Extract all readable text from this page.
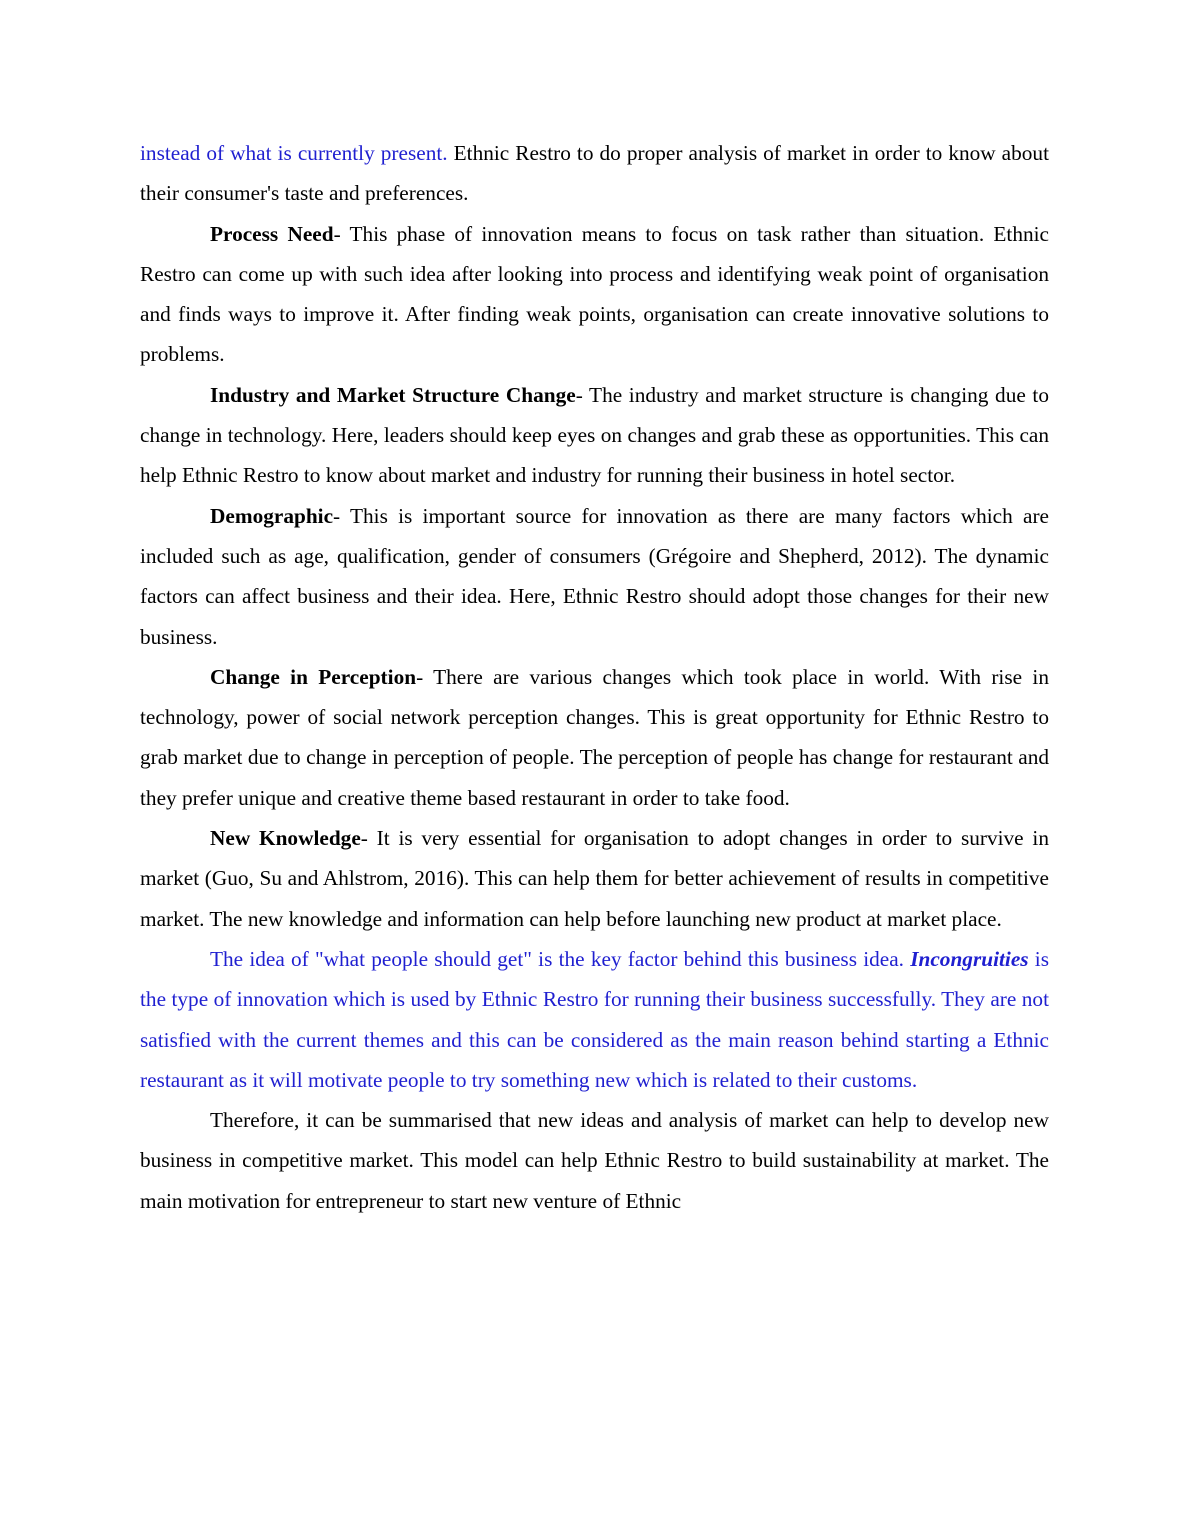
instead of what is currently present. Ethnic Restro to do proper analysis of market in order to know about their consumer's taste and preferences.

Process Need- This phase of innovation means to focus on task rather than situation. Ethnic Restro can come up with such idea after looking into process and identifying weak point of organisation and finds ways to improve it. After finding weak points, organisation can create innovative solutions to problems.

Industry and Market Structure Change- The industry and market structure is changing due to change in technology. Here, leaders should keep eyes on changes and grab these as opportunities. This can help Ethnic Restro to know about market and industry for running their business in hotel sector.

Demographic- This is important source for innovation as there are many factors which are included such as age, qualification, gender of consumers (Grégoire and Shepherd, 2012). The dynamic factors can affect business and their idea. Here, Ethnic Restro should adopt those changes for their new business.

Change in Perception- There are various changes which took place in world. With rise in technology, power of social network perception changes. This is great opportunity for Ethnic Restro to grab market due to change in perception of people. The perception of people has change for restaurant and they prefer unique and creative theme based restaurant in order to take food.

New Knowledge- It is very essential for organisation to adopt changes in order to survive in market (Guo, Su and Ahlstrom, 2016). This can help them for better achievement of results in competitive market. The new knowledge and information can help before launching new product at market place.

The idea of "what people should get" is the key factor behind this business idea. Incongruities is the type of innovation which is used by Ethnic Restro for running their business successfully. They are not satisfied with the current themes and this can be considered as the main reason behind starting a Ethnic restaurant as it will motivate people to try something new which is related to their customs.

Therefore, it can be summarised that new ideas and analysis of market can help to develop new business in competitive market. This model can help Ethnic Restro to build sustainability at market. The main motivation for entrepreneur to start new venture of Ethnic
